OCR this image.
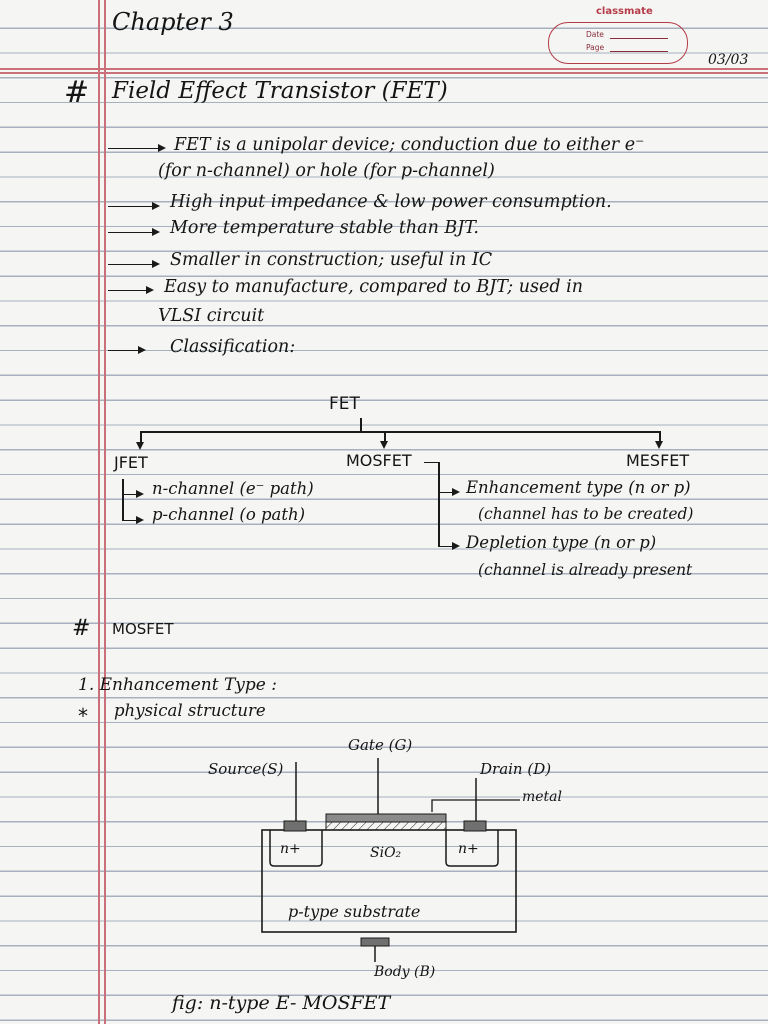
Chapter 3	classmate
Date
Page
03/03
# Field Effect Transistor (FET)
FET is a unipolar device; conduction due to either e⁻
(for n-channel) or hole (for p-channel)
High input impedance & low power consumption.
More temperature stable than BJT.
Smaller in construction; useful in IC
Easy to manufacture, compared to BJT; used in
VLSI circuit
Classification:
FET
JFET	MOSFET	MESFET
n-channel (e⁻ path)
p-channel (o path)
Enhancement type (n or p)
(channel has to be created)
Depletion type (n or p)
(channel is already present
# MOSFET
1. Enhancement Type :
* physical structure
Gate (G)
Source(S)	Drain (D)
metal
n+	n+
SiO₂
p-type substrate
Body (B)
fig: n-type E- MOSFET
